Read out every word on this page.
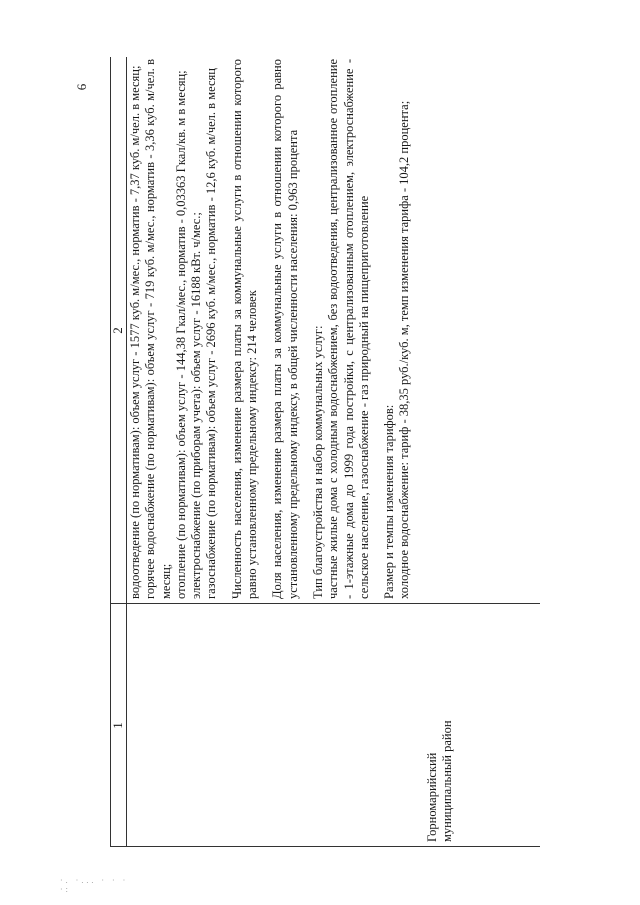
6
·. ·... · · · ·:
1
2
Горномарийский муниципальный район

водоотведение (по нормативам): объем услуг - 1577 куб. м/мес., норматив - 7,37 куб. м/чел. в месяц; горячее водоснабжение (по нормативам): объем услуг - 719 куб. м/мес., норматив - 3,36 куб. м/чел. в месяц; отопление (по нормативам): объем услуг - 144,38 Гкал/мес., норматив - 0,03363 Гкал/кв. м в месяц; электроснабжение (по приборам учета): объем услуг - 16188 кВт. ч/мес.; газоснабжение (по нормативам): объем услуг - 2696 куб. м/мес., норматив - 12,6 куб. м/чел. в месяц Численность населения, изменение размера платы за коммунальные услуги в отношении которого равно установленному предельному индексу: 214 человек Доля населения, изменение размера платы за коммунальные услуги в отношении которого равно установленному предельному индексу, в общей численности населения: 0,963 процента Тип благоустройства и набор коммунальных услуг: частные жилые дома с холодным водоснабжением, без водоотведения, централизованное отопление - 1-этажные дома до 1999 года постройки, с централизованным отоплением, электроснабжение - сельское население, газоснабжение - газ природный на пищеприготовление Размер и темпы изменения тарифов: холодное водоснабжение: тариф - 38,35 руб./куб. м, темп изменения тарифа - 104,2 процента;
